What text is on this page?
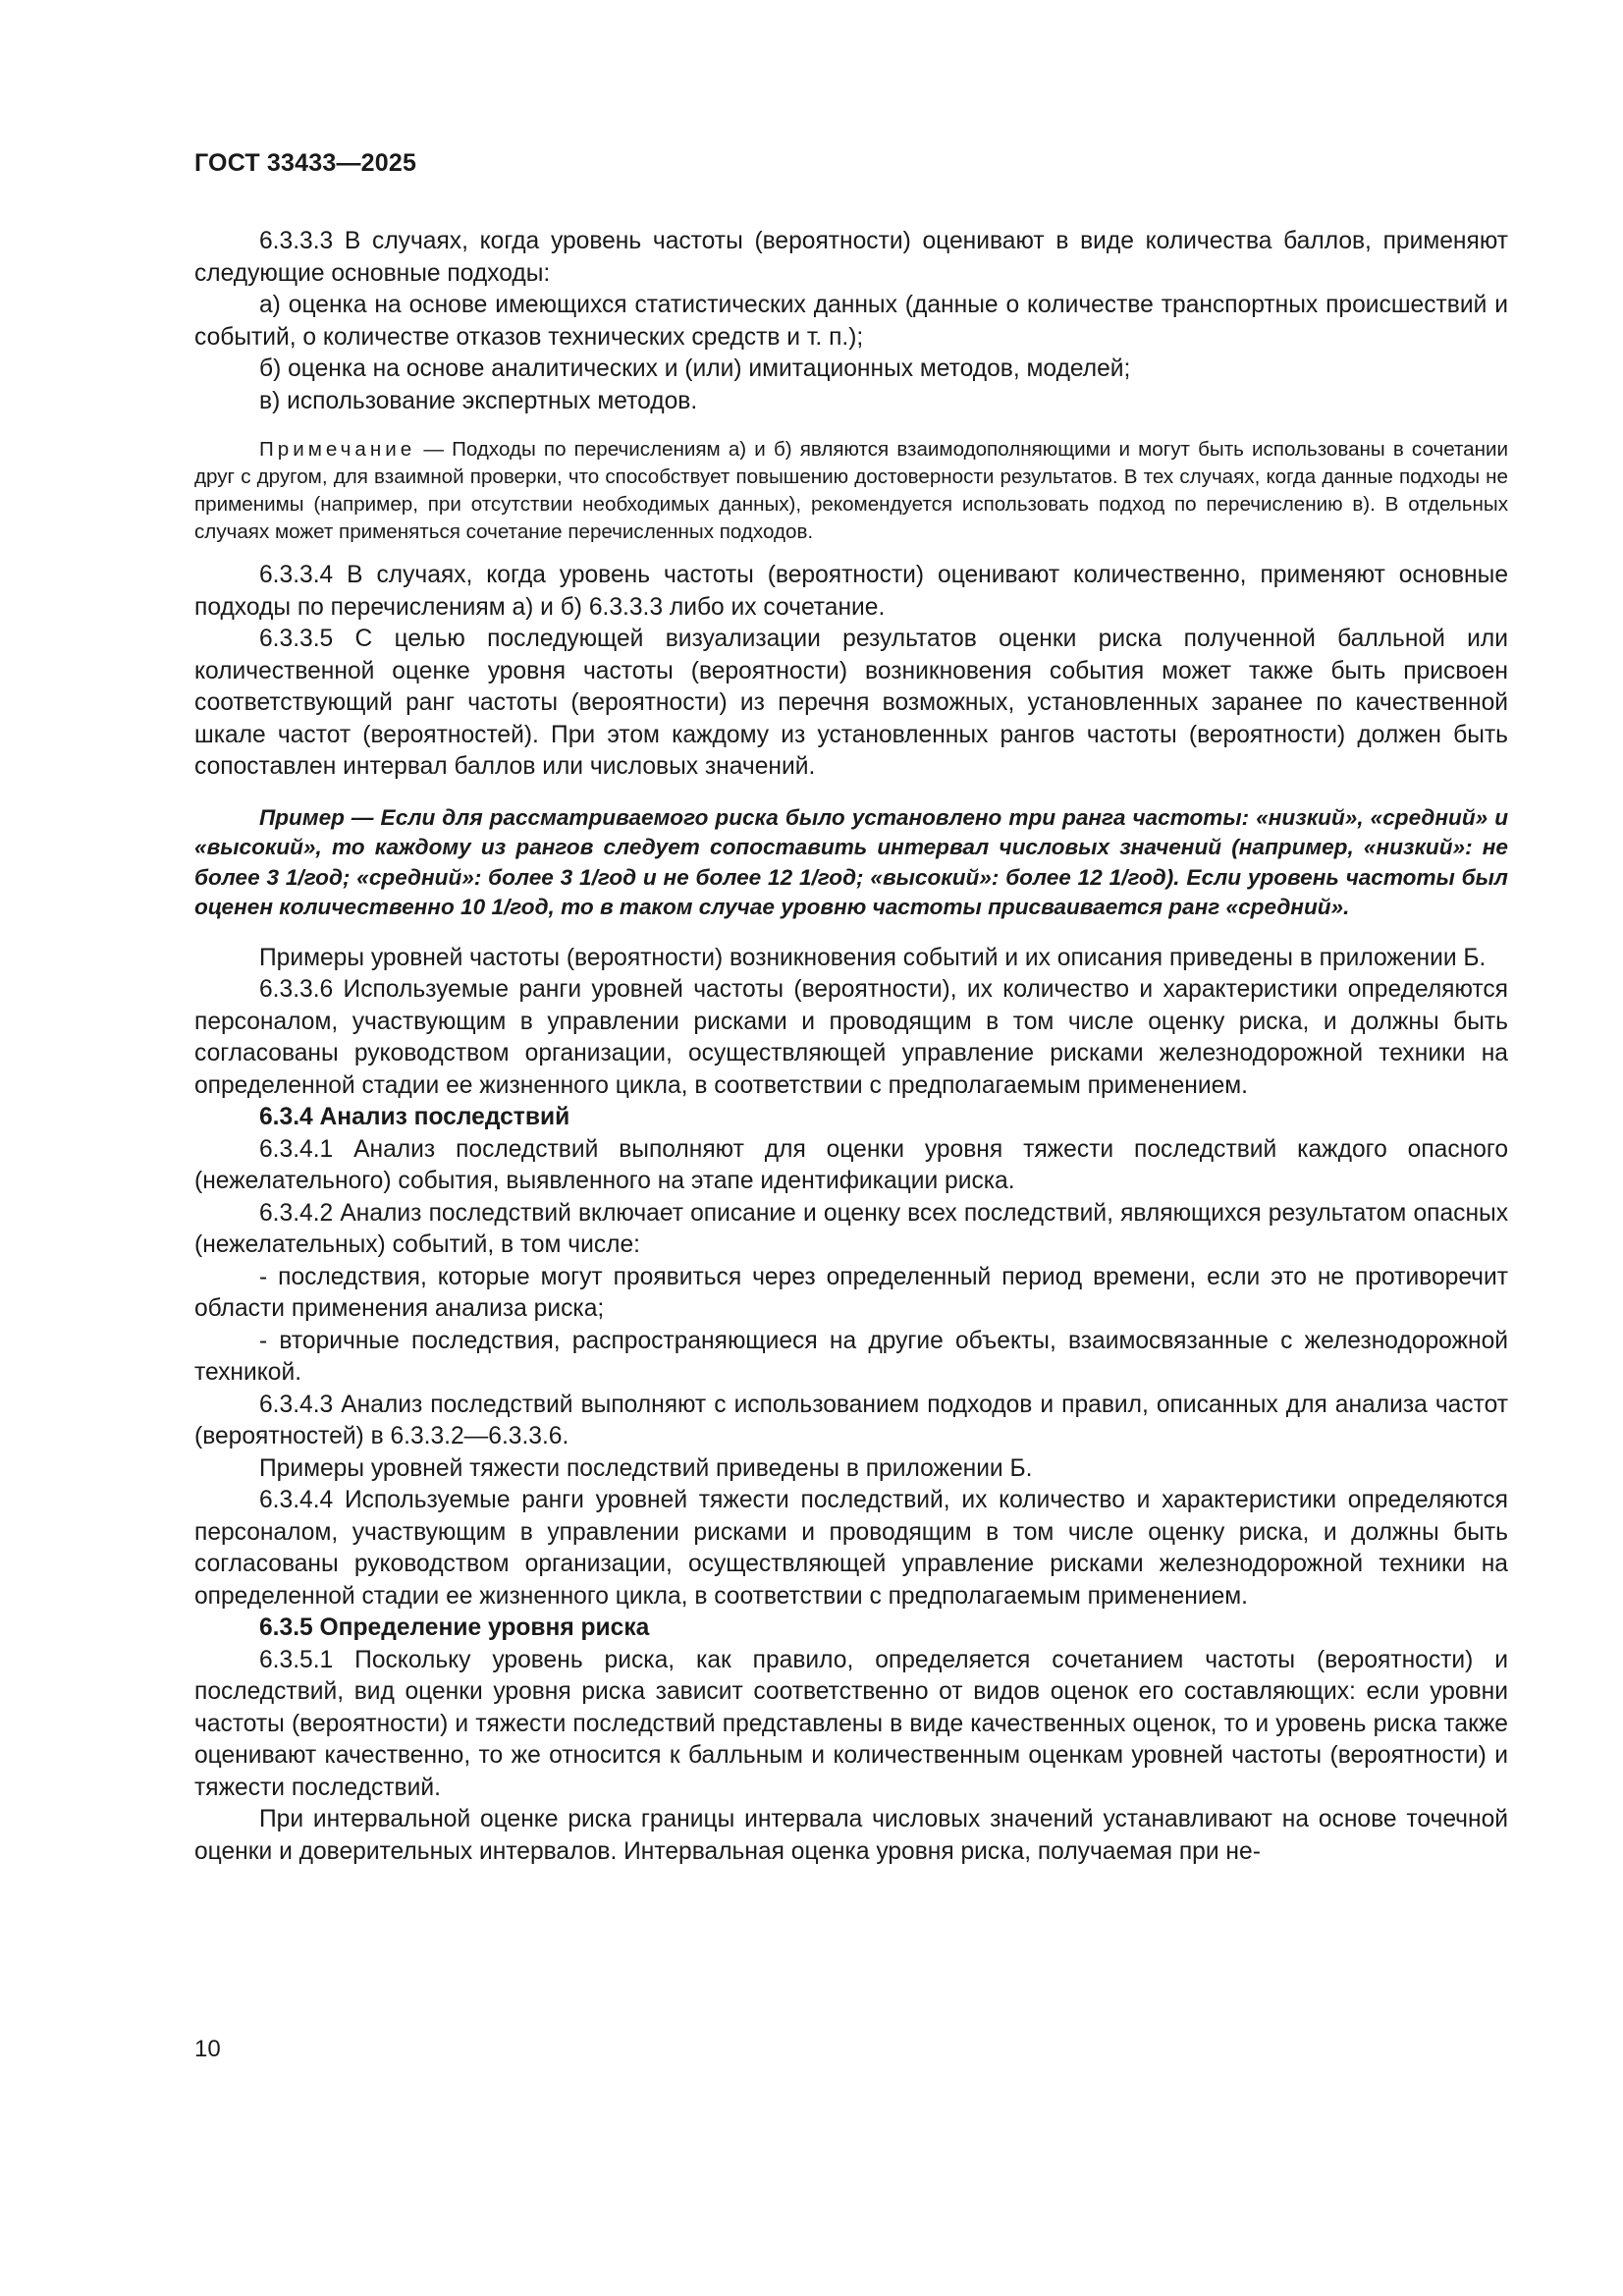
ГОСТ 33433—2025

6.3.3.3 В случаях, когда уровень частоты (вероятности) оценивают в виде количества баллов, применяют следующие основные подходы:

а) оценка на основе имеющихся статистических данных (данные о количестве транспортных происшествий и событий, о количестве отказов технических средств и т. п.);

б) оценка на основе аналитических и (или) имитационных методов, моделей;

в) использование экспертных методов.

Примечание — Подходы по перечислениям а) и б) являются взаимодополняющими и могут быть использованы в сочетании друг с другом, для взаимной проверки, что способствует повышению достоверности результатов. В тех случаях, когда данные подходы не применимы (например, при отсутствии необходимых данных), рекомендуется использовать подход по перечислению в). В отдельных случаях может применяться сочетание перечисленных подходов.

6.3.3.4 В случаях, когда уровень частоты (вероятности) оценивают количественно, применяют основные подходы по перечислениям а) и б) 6.3.3.3 либо их сочетание.

6.3.3.5 С целью последующей визуализации результатов оценки риска полученной балльной или количественной оценке уровня частоты (вероятности) возникновения события может также быть присвоен соответствующий ранг частоты (вероятности) из перечня возможных, установленных заранее по качественной шкале частот (вероятностей). При этом каждому из установленных рангов частоты (вероятности) должен быть сопоставлен интервал баллов или числовых значений.

Пример — Если для рассматриваемого риска было установлено три ранга частоты: «низкий», «средний» и «высокий», то каждому из рангов следует сопоставить интервал числовых значений (например, «низкий»: не более 3 1/год; «средний»: более 3 1/год и не более 12 1/год; «высокий»: более 12 1/год). Если уровень частоты был оценен количественно 10 1/год, то в таком случае уровню частоты присваивается ранг «средний».

Примеры уровней частоты (вероятности) возникновения событий и их описания приведены в приложении Б.

6.3.3.6 Используемые ранги уровней частоты (вероятности), их количество и характеристики определяются персоналом, участвующим в управлении рисками и проводящим в том числе оценку риска, и должны быть согласованы руководством организации, осуществляющей управление рисками железнодорожной техники на определенной стадии ее жизненного цикла, в соответствии с предполагаемым применением.

6.3.4 Анализ последствий

6.3.4.1 Анализ последствий выполняют для оценки уровня тяжести последствий каждого опасного (нежелательного) события, выявленного на этапе идентификации риска.

6.3.4.2 Анализ последствий включает описание и оценку всех последствий, являющихся результатом опасных (нежелательных) событий, в том числе:

- последствия, которые могут проявиться через определенный период времени, если это не противоречит области применения анализа риска;

- вторичные последствия, распространяющиеся на другие объекты, взаимосвязанные с железнодорожной техникой.

6.3.4.3 Анализ последствий выполняют с использованием подходов и правил, описанных для анализа частот (вероятностей) в 6.3.3.2—6.3.3.6.

Примеры уровней тяжести последствий приведены в приложении Б.

6.3.4.4 Используемые ранги уровней тяжести последствий, их количество и характеристики определяются персоналом, участвующим в управлении рисками и проводящим в том числе оценку риска, и должны быть согласованы руководством организации, осуществляющей управление рисками железнодорожной техники на определенной стадии ее жизненного цикла, в соответствии с предполагаемым применением.

6.3.5 Определение уровня риска

6.3.5.1 Поскольку уровень риска, как правило, определяется сочетанием частоты (вероятности) и последствий, вид оценки уровня риска зависит соответственно от видов оценок его составляющих: если уровни частоты (вероятности) и тяжести последствий представлены в виде качественных оценок, то и уровень риска также оценивают качественно, то же относится к балльным и количественным оценкам уровней частоты (вероятности) и тяжести последствий.

При интервальной оценке риска границы интервала числовых значений устанавливают на основе точечной оценки и доверительных интервалов. Интервальная оценка уровня риска, получаемая при не-

10
